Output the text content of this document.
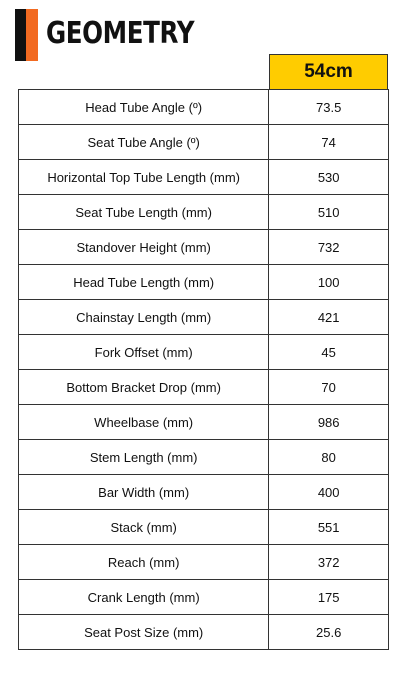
GEOMETRY
54cm
Head Tube Angle (º)	73.5
Seat Tube Angle (º)	74
Horizontal Top Tube Length (mm)	530
Seat Tube Length (mm)	510
Standover Height (mm)	732
Head Tube Length (mm)	100
Chainstay Length (mm)	421
Fork Offset (mm)	45
Bottom Bracket Drop (mm)	70
Wheelbase (mm)	986
Stem Length (mm)	80
Bar Width (mm)	400
Stack (mm)	551
Reach (mm)	372
Crank Length (mm)	175
Seat Post Size (mm)	25.6
